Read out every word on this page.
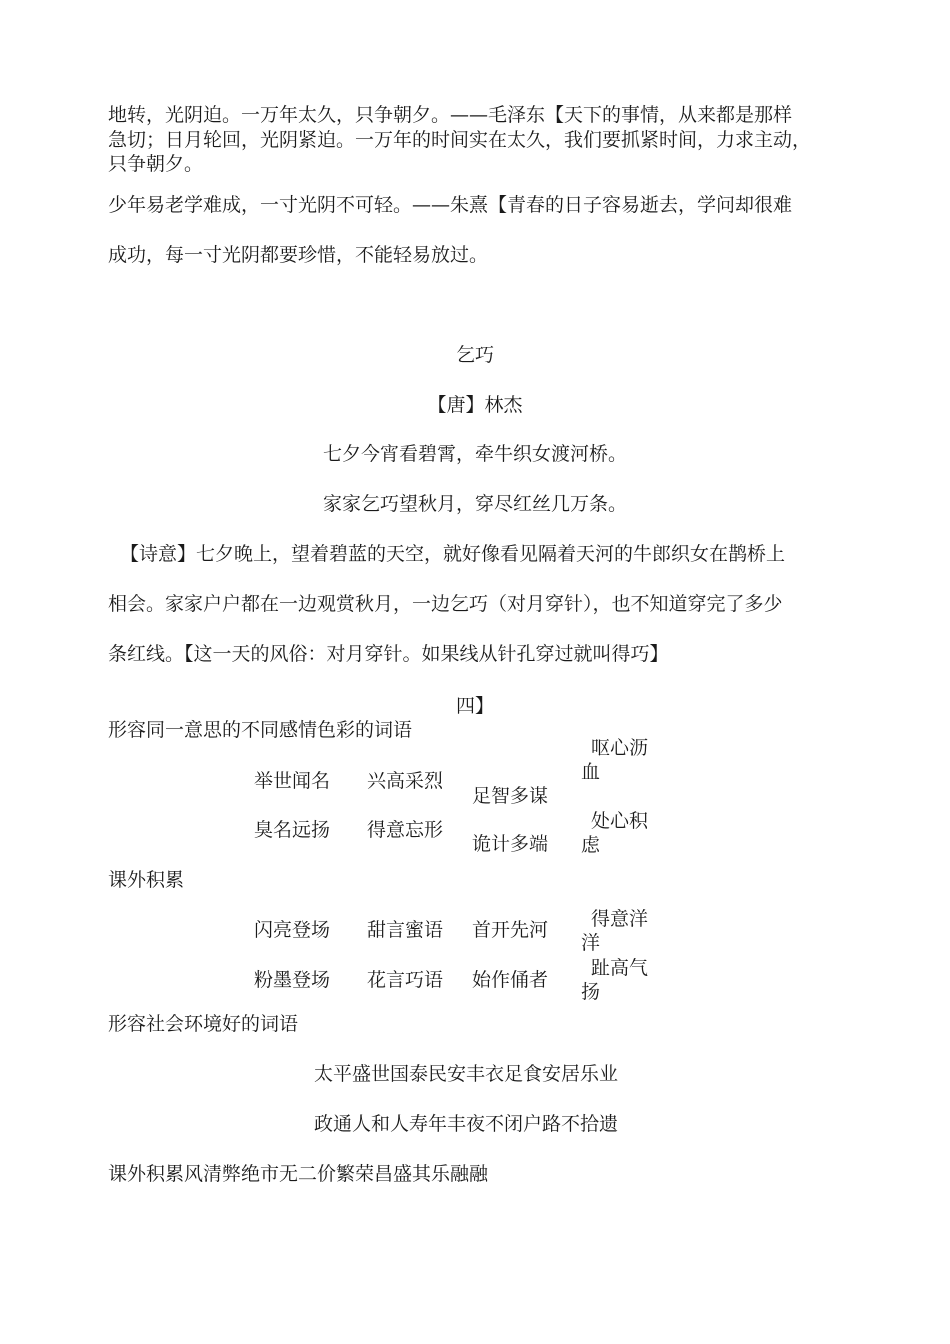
地转，光阴迫。一万年太久，只争朝夕。——毛泽东【天下的事情，从来都是那样
急切；日月轮回，光阴紧迫。一万年的时间实在太久，我们要抓紧时间，力求主动，
只争朝夕。
少年易老学难成，一寸光阴不可轻。——朱熹【青春的日子容易逝去，学问却很难
成功，每一寸光阴都要珍惜，不能轻易放过。
乞巧
【唐】林杰
七夕今宵看碧霄，牵牛织女渡河桥。
家家乞巧望秋月，穿尽红丝几万条。
【诗意】七夕晚上，望着碧蓝的天空，就好像看见隔着天河的牛郎织女在鹊桥上
相会。家家户户都在一边观赏秋月，一边乞巧（对月穿针），也不知道穿完了多少
条红线。【这一天的风俗：对月穿针。如果线从针孔穿过就叫得巧】
四】
形容同一意思的不同感情色彩的词语
举世闻名 兴高采烈
足智多谋
呕心沥血
臭名远扬 得意忘形
诡计多端
处心积虑
课外积累
闪亮登场 甜言蜜语 首开先河	得意洋洋
粉墨登场 花言巧语 始作俑者
趾高气扬
形容社会环境好的词语
太平盛世国泰民安丰衣足食安居乐业
政通人和人寿年丰夜不闭户路不拾遗
课外积累风清弊绝市无二价繁荣昌盛其乐融融
